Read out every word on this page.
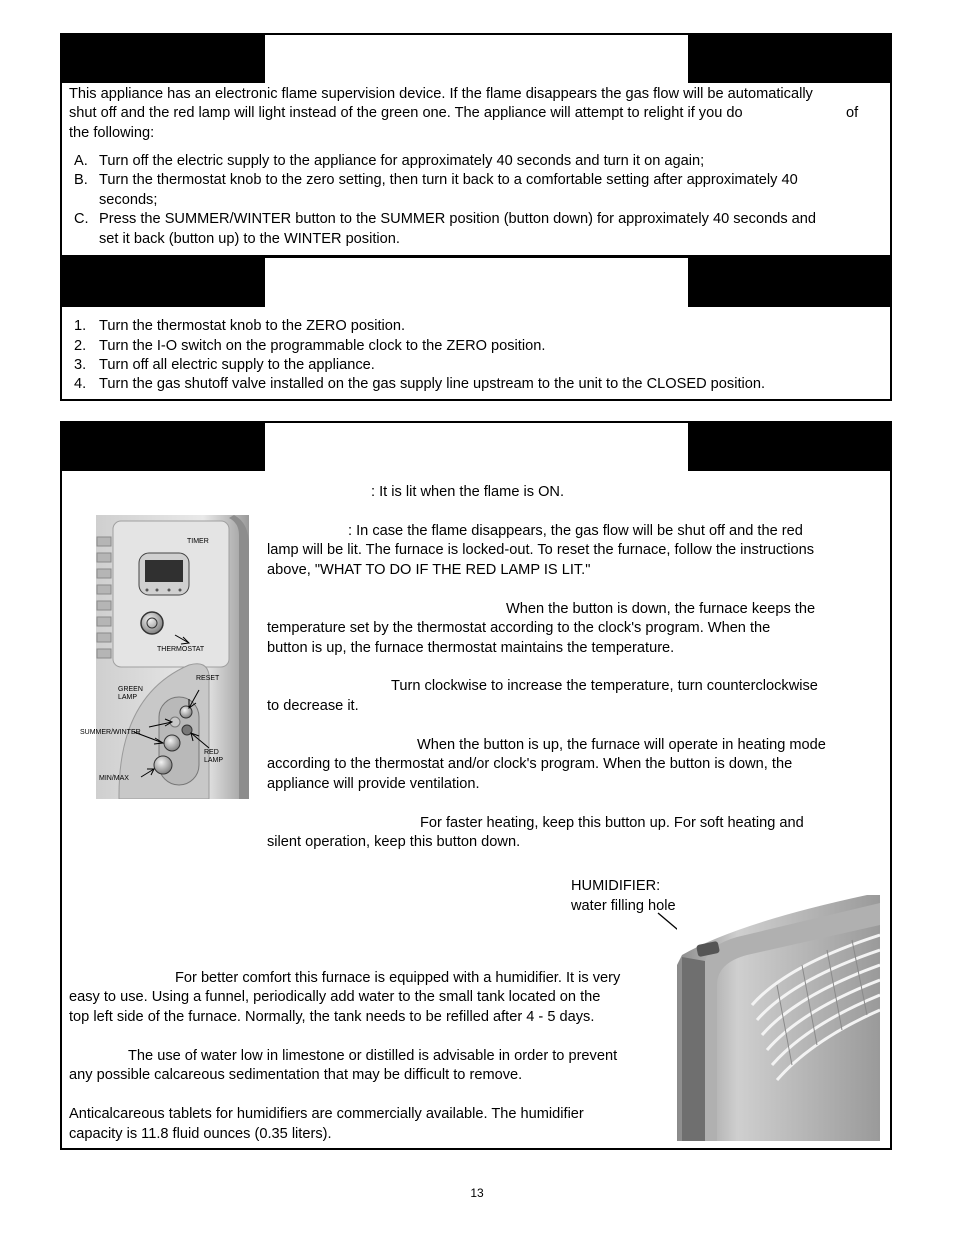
This appliance has an electronic flame supervision device. If the flame disappears the gas flow will be automatically
shut off and the red lamp will light instead of the green one. The appliance will attempt to relight if you do	of
the following:
A. Turn off the electric supply to the appliance for approximately 40 seconds and turn it on again;
B. Turn the thermostat knob to the zero setting, then turn it back to a comfortable setting after approximately 40
seconds;
C. Press the SUMMER/WINTER button to the SUMMER position (button down) for approximately 40 seconds and
set it back (button up) to the WINTER position.
1. Turn the thermostat knob to the ZERO position.
2. Turn the I-O switch on the programmable clock to the ZERO position.
3. Turn off all electric supply to the appliance.
4. Turn the gas shutoff valve installed on the gas supply line upstream to the unit to the CLOSED position.
: It is lit when the flame is ON.
: In case the flame disappears, the gas flow will be shut off and the red
lamp will be lit. The furnace is locked-out. To reset the furnace, follow the instructions
above, "WHAT TO DO IF THE RED LAMP IS LIT."
When the button is down, the furnace keeps the
temperature set by the thermostat according to the clock's program. When the
button is up, the furnace thermostat maintains the temperature.
Turn clockwise to increase the temperature, turn counterclockwise
to decrease it.
When the button is up, the furnace will operate in heating mode
according to the thermostat and/or clock's program. When the button is down, the
appliance will provide ventilation.
For faster heating, keep this button up. For soft heating and
silent operation, keep this button down.
HUMIDIFIER:
water filling hole
For better comfort this furnace is equipped with a humidifier. It is very
easy to use. Using a funnel, periodically add water to the small tank located on the
top left side of the furnace. Normally, the tank needs to be refilled after 4 - 5 days.
The use of water low in limestone or distilled is advisable in order to prevent
any possible calcareous sedimentation that may be difficult to remove.
Anticalcareous tablets for humidifiers are commercially available. The humidifier
capacity is 11.8 fluid ounces (0.35 liters).
TIMER
THERMOSTAT
RESET
GREEN
LAMP
SUMMER/WINTER
RED
LAMP
MIN/MAX
13
